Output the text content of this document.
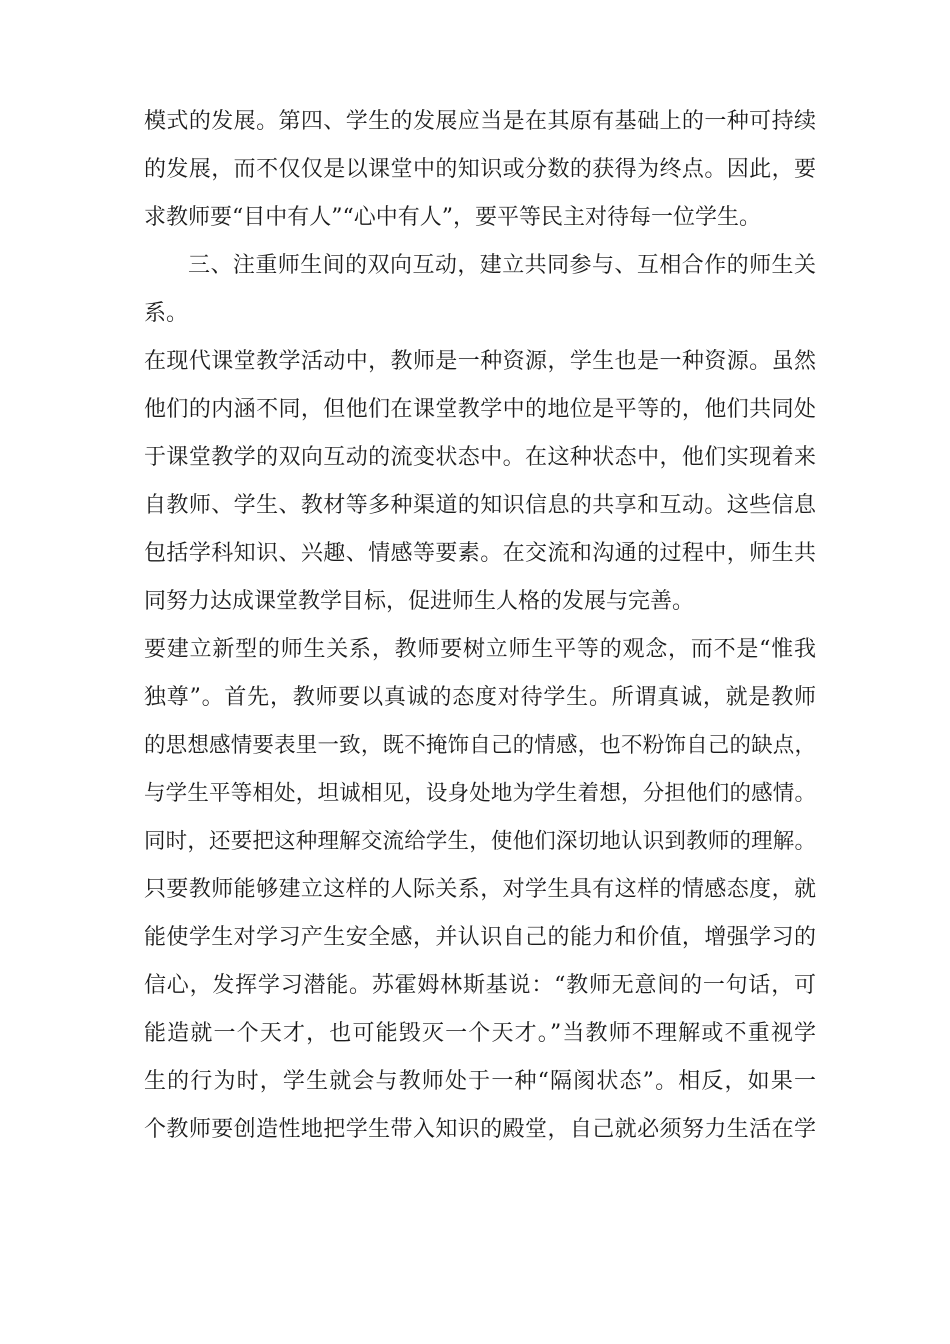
模式的发展。第四、学生的发展应当是在其原有基础上的一种可持续
的发展，而不仅仅是以课堂中的知识或分数的获得为终点。因此，要
求教师要“目中有人”“心中有人”，要平等民主对待每一位学生。
三、注重师生间的双向互动，建立共同参与、互相合作的师生关
系。
在现代课堂教学活动中，教师是一种资源，学生也是一种资源。虽然
他们的内涵不同，但他们在课堂教学中的地位是平等的，他们共同处
于课堂教学的双向互动的流变状态中。在这种状态中，他们实现着来
自教师、学生、教材等多种渠道的知识信息的共享和互动。这些信息
包括学科知识、兴趣、情感等要素。在交流和沟通的过程中，师生共
同努力达成课堂教学目标，促进师生人格的发展与完善。
要建立新型的师生关系，教师要树立师生平等的观念，而不是“惟我
独尊”。首先，教师要以真诚的态度对待学生。所谓真诚，就是教师
的思想感情要表里一致，既不掩饰自己的情感，也不粉饰自己的缺点，
与学生平等相处，坦诚相见，设身处地为学生着想，分担他们的感情。
同时，还要把这种理解交流给学生，使他们深切地认识到教师的理解。
只要教师能够建立这样的人际关系，对学生具有这样的情感态度，就
能使学生对学习产生安全感，并认识自己的能力和价值，增强学习的
信心，发挥学习潜能。苏霍姆林斯基说：“教师无意间的一句话，可
能造就一个天才，也可能毁灭一个天才。”当教师不理解或不重视学
生的行为时，学生就会与教师处于一种“隔阂状态”。相反，如果一
个教师要创造性地把学生带入知识的殿堂，自己就必须努力生活在学
